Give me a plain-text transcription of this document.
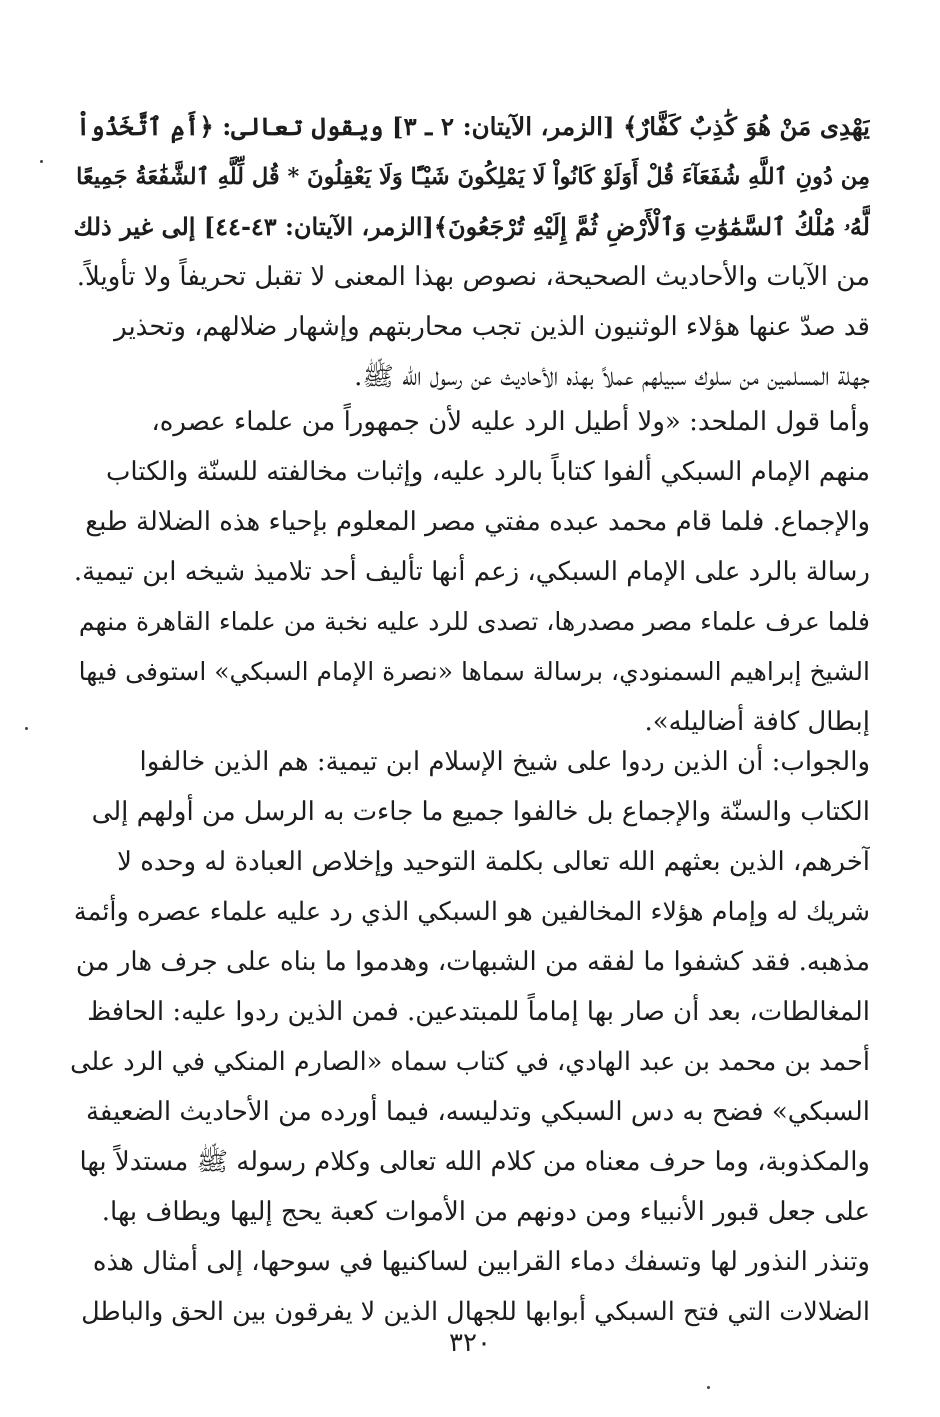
يَهْدِى مَنْ هُوَ كَٰذِبٌ كَفَّارٌ﴾ [الزمر، الآيتان: ٢ ـ ٣] ويقول تعالى: ﴿أَمِ ٱتَّخَذُواْ
مِن دُونِ ٱللَّهِ شُفَعَآءَ قُلْ أَوَلَوْ كَانُواْ لَا يَمْلِكُونَ شَيْـًٔا وَلَا يَعْقِلُونَ * قُل لِّلَّهِ ٱلشَّفَٰعَةُ جَمِيعًا
لَّهُۥ مُلْكُ ٱلسَّمَٰوَٰتِ وَٱلْأَرْضِ ثُمَّ إِلَيْهِ تُرْجَعُونَ﴾[الزمر، الآيتان: ٤٣-٤٤] إلى غير ذلك
من الآيات والأحاديث الصحيحة، نصوص بهذا المعنى لا تقبل تحريفاً ولا تأويلاً.
قد صدّ عنها هؤلاء الوثنيون الذين تجب محاربتهم وإشهار ضلالهم، وتحذير
جهلة المسلمين من سلوك سبيلهم عملاً بهذه الأحاديث عن رسول الله ﷺ.
وأما قول الملحد: «ولا أطيل الرد عليه لأن جمهوراً من علماء عصره،
منهم الإمام السبكي ألفوا كتاباً بالرد عليه، وإثبات مخالفته للسنّة والكتاب
والإجماع. فلما قام محمد عبده مفتي مصر المعلوم بإحياء هذه الضلالة طبع
رسالة بالرد على الإمام السبكي، زعم أنها تأليف أحد تلاميذ شيخه ابن تيمية.
فلما عرف علماء مصر مصدرها، تصدى للرد عليه نخبة من علماء القاهرة منهم
الشيخ إبراهيم السمنودي، برسالة سماها «نصرة الإمام السبكي» استوفى فيها
إبطال كافة أضاليله».
والجواب: أن الذين ردوا على شيخ الإسلام ابن تيمية: هم الذين خالفوا
الكتاب والسنّة والإجماع بل خالفوا جميع ما جاءت به الرسل من أولهم إلى
آخرهم، الذين بعثهم الله تعالى بكلمة التوحيد وإخلاص العبادة له وحده لا
شريك له وإمام هؤلاء المخالفين هو السبكي الذي رد عليه علماء عصره وأئمة
مذهبه. فقد كشفوا ما لفقه من الشبهات، وهدموا ما بناه على جرف هار من
المغالطات، بعد أن صار بها إماماً للمبتدعين. فمن الذين ردوا عليه: الحافظ
أحمد بن محمد بن عبد الهادي، في كتاب سماه «الصارم المنكي في الرد على
السبكي» فضح به دس السبكي وتدليسه، فيما أورده من الأحاديث الضعيفة
والمكذوبة، وما حرف معناه من كلام الله تعالى وكلام رسوله ﷺ مستدلاً بها
على جعل قبور الأنبياء ومن دونهم من الأموات كعبة يحج إليها ويطاف بها.
وتنذر النذور لها وتسفك دماء القرابين لساكنيها في سوحها، إلى أمثال هذه
الضلالات التي فتح السبكي أبوابها للجهال الذين لا يفرقون بين الحق والباطل
٣٢٠
